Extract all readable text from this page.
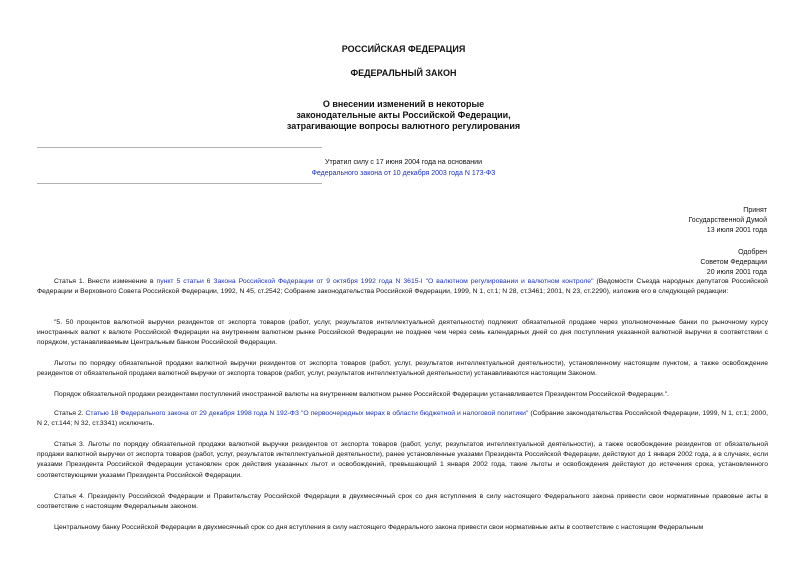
РОССИЙСКАЯ ФЕДЕРАЦИЯ
ФЕДЕРАЛЬНЫЙ ЗАКОН
О внесении изменений в некоторые
законодательные акты Российской Федерации,
затрагивающие вопросы валютного регулирования
Утратил силу с 17 июня 2004 года на основании
Федерального закона от 10 декабря 2003 года N 173-ФЗ
Принят
Государственной Думой
13 июля 2001 года
Одобрен
Советом Федерации
20 июля 2001 года

Статья 1. Внести изменение в пункт 5 статьи 6 Закона Российской Федерации от 9 октября 1992 года N 3615-I "О валютном регулировании и валютном контроле" (Ведомости Съезда народных депутатов Российской Федерации и Верховного Совета Российской Федерации, 1992, N 45, ст.2542; Собрание законодательства Российской Федерации, 1999, N 1, ст.1; N 28, ст.3461; 2001, N 23, ст.2290), изложив его в следующей редакции:

"5. 50 процентов валютной выручки резидентов от экспорта товаров (работ, услуг, результатов интеллектуальной деятельности) подлежит обязательной продаже через уполномоченные банки по рыночному курсу иностранных валют к валюте Российской Федерации на внутреннем валютном рынке Российской Федерации не позднее чем через семь календарных дней со дня поступления указанной валютной выручки в соответствии с порядком, устанавливаемым Центральным банком Российской Федерации.

Льготы по порядку обязательной продажи валютной выручки резидентов от экспорта товаров (работ, услуг, результатов интеллектуальной деятельности), установленному настоящим пунктом, а также освобождение резидентов от обязательной продажи валютной выручки от экспорта товаров (работ, услуг, результатов интеллектуальной деятельности) устанавливаются настоящим Законом.

Порядок обязательной продажи резидентами поступлений иностранной валюты на внутреннем валютном рынке Российской Федерации устанавливается Президентом Российской Федерации.".

Статья 2. Статью 18 Федерального закона от 29 декабря 1998 года N 192-ФЗ "О первоочередных мерах в области бюджетной и налоговой политики" (Собрание законодательства Российской Федерации, 1999, N 1, ст.1; 2000, N 2, ст.144; N 32, ст.3341) исключить.

Статья 3. Льготы по порядку обязательной продажи валютной выручки резидентов от экспорта товаров (работ, услуг, результатов интеллектуальной деятельности), а также освобождение резидентов от обязательной продажи валютной выручки от экспорта товаров (работ, услуг, результатов интеллектуальной деятельности), ранее установленные указами Президента Российской Федерации, действуют до 1 января 2002 года, а в случаях, если указами Президента Российской Федерации установлен срок действия указанных льгот и освобождений, превышающий 1 января 2002 года, такие льготы и освобождения действуют до истечения срока, установленного соответствующими указами Президента Российской Федерации.

Статья 4. Президенту Российской Федерации и Правительству Российской Федерации в двухмесячный срок со дня вступления в силу настоящего Федерального закона привести свои нормативные правовые акты в соответствие с настоящим Федеральным законом.

Центральному банку Российской Федерации в двухмесячный срок со дня вступления в силу настоящего Федерального закона привести свои нормативные акты в соответствие с настоящим Федеральным
